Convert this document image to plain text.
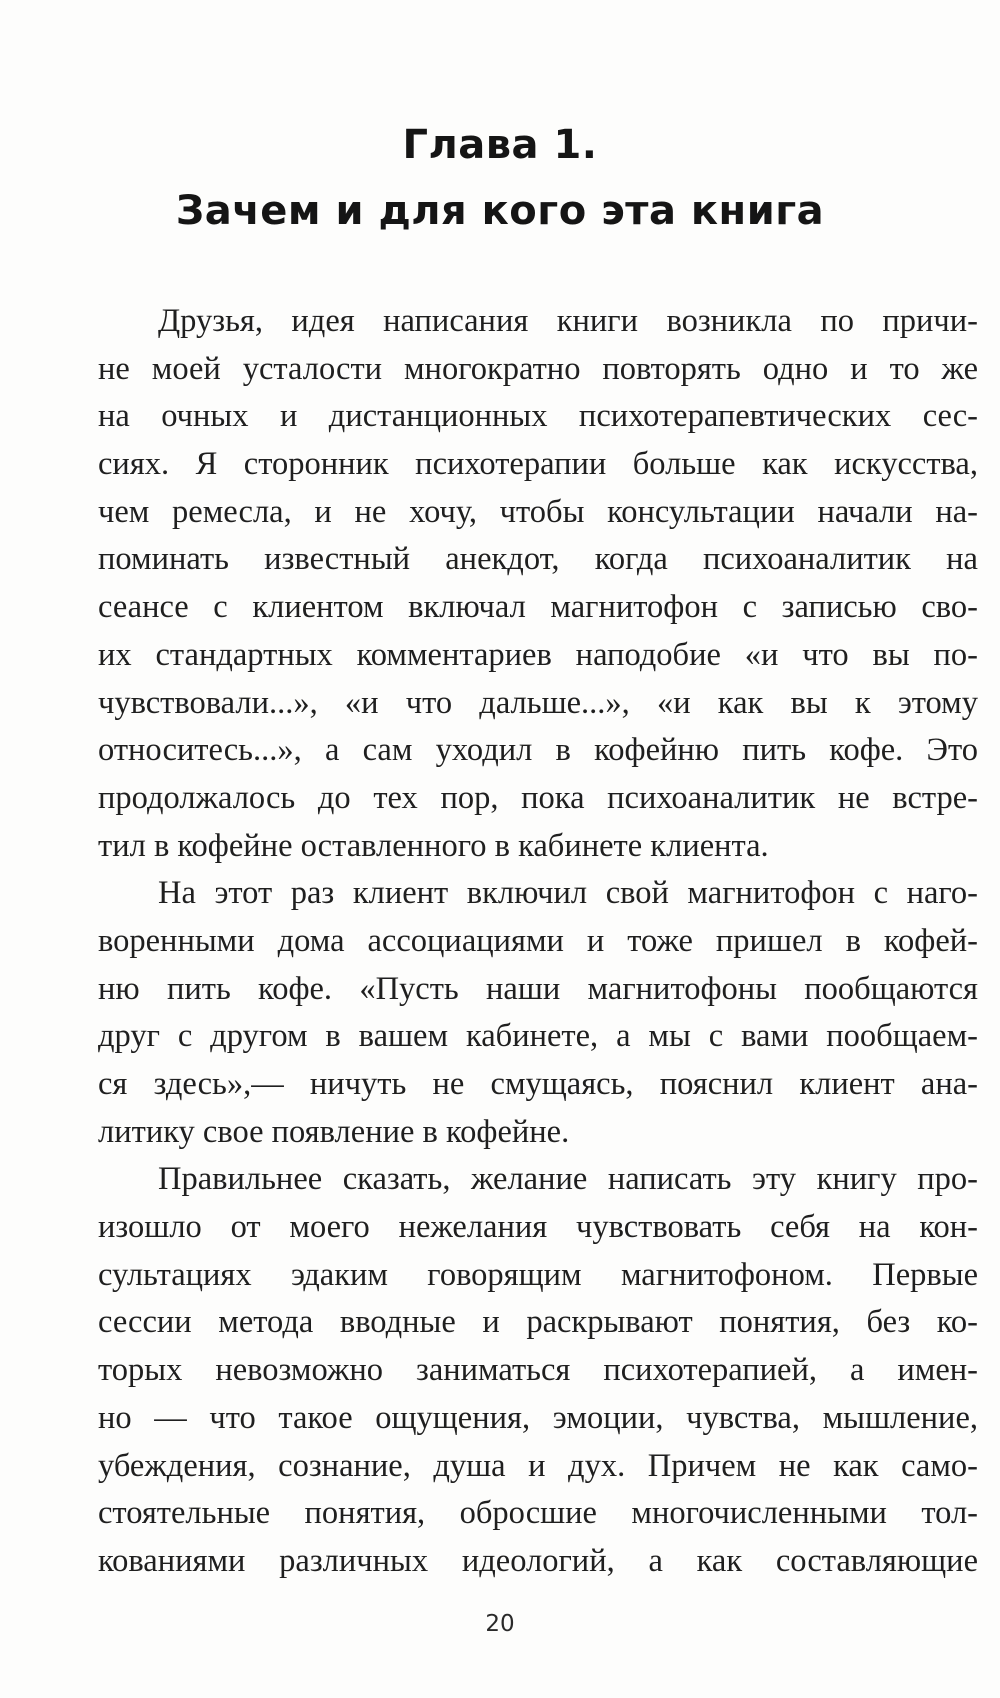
Глава 1.
Зачем и для кого эта книга
Друзья, идея написания книги возникла по причи-
не моей усталости многократно повторять одно и то же
на очных и дистанционных психотерапевтических сес-
сиях. Я сторонник психотерапии больше как искусства,
чем ремесла, и не хочу, чтобы консультации начали на-
поминать известный анекдот, когда психоаналитик на
сеансе с клиентом включал магнитофон с записью сво-
их стандартных комментариев наподобие «и что вы по-
чувствовали...», «и что дальше...», «и как вы к этому
относитесь...», а сам уходил в кофейню пить кофе. Это
продолжалось до тех пор, пока психоаналитик не встре-
тил в кофейне оставленного в кабинете клиента.
На этот раз клиент включил свой магнитофон с наго-
воренными дома ассоциациями и тоже пришел в кофей-
ню пить кофе. «Пусть наши магнитофоны пообщаются
друг с другом в вашем кабинете, а мы с вами пообщаем-
ся здесь»,— ничуть не смущаясь, пояснил клиент ана-
литику свое появление в кофейне.
Правильнее сказать, желание написать эту книгу про-
изошло от моего нежелания чувствовать себя на кон-
сультациях эдаким говорящим магнитофоном. Первые
сессии метода вводные и раскрывают понятия, без ко-
торых невозможно заниматься психотерапией, а имен-
но — что такое ощущения, эмоции, чувства, мышление,
убеждения, сознание, душа и дух. Причем не как само-
стоятельные понятия, обросшие многочисленными тол-
кованиями различных идеологий, а как составляющие
20
